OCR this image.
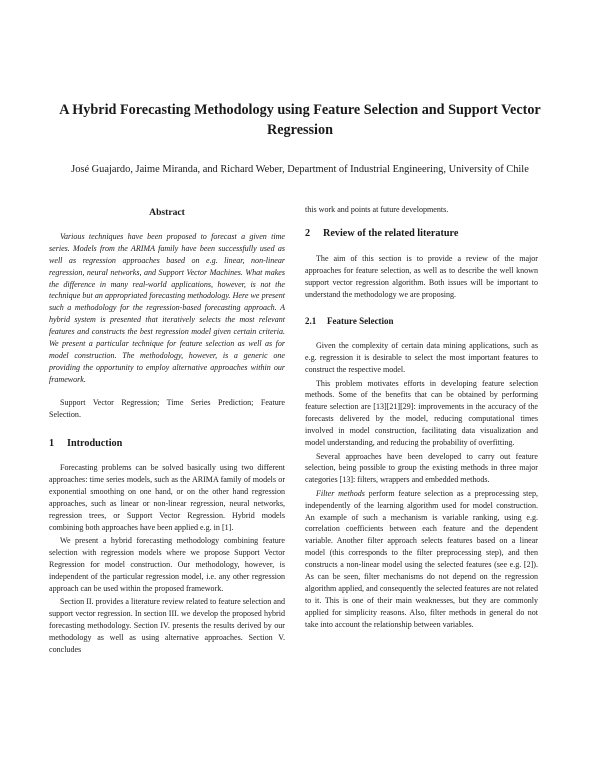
A Hybrid Forecasting Methodology using Feature Selection and Support Vector Regression

José Guajardo, Jaime Miranda, and Richard Weber, Department of Industrial Engineering, University of Chile

Abstract

Various techniques have been proposed to forecast a given time series. Models from the ARIMA family have been successfully used as well as regression approaches based on e.g. linear, non-linear regression, neural networks, and Support Vector Machines. What makes the difference in many real-world applications, however, is not the technique but an appropriated forecasting methodology. Here we present such a methodology for the regression-based forecasting approach. A hybrid system is presented that iteratively selects the most relevant features and constructs the best regression model given certain criteria. We present a particular technique for feature selection as well as for model construction. The methodology, however, is a generic one providing the opportunity to employ alternative approaches within our framework.

Support Vector Regression; Time Series Prediction; Feature Selection.

1	Introduction

Forecasting problems can be solved basically using two different approaches: time series models, such as the ARIMA family of models or exponential smoothing on one hand, or on the other hand regression approaches, such as linear or non-linear regression, neural networks, regression trees, or Support Vector Regression. Hybrid models combining both approaches have been applied e.g. in [1].

We present a hybrid forecasting methodology combining feature selection with regression models where we propose Support Vector Regression for model construction. Our methodology, however, is independent of the particular regression model, i.e. any other regression approach can be used within the proposed framework.

Section II. provides a literature review related to feature selection and support vector regression. In section III. we develop the proposed hybrid forecasting methodology. Section IV. presents the results derived by our methodology as well as using alternative approaches. Section V. concludes

this work and points at future developments.

2	Review of the related literature

The aim of this section is to provide a review of the major approaches for feature selection, as well as to describe the well known support vector regression algorithm. Both issues will be important to understand the methodology we are proposing.

2.1	Feature Selection

Given the complexity of certain data mining applications, such as e.g. regression it is desirable to select the most important features to construct the respective model.

This problem motivates efforts in developing feature selection methods. Some of the benefits that can be obtained by performing feature selection are [13][21][29]: improvements in the accuracy of the forecasts delivered by the model, reducing computational times involved in model construction, facilitating data visualization and model understanding, and reducing the probability of overfitting.

Several approaches have been developed to carry out feature selection, being possible to group the existing methods in three major categories [13]: filters, wrappers and embedded methods.

Filter methods perform feature selection as a preprocessing step, independently of the learning algorithm used for model construction. An example of such a mechanism is variable ranking, using e.g. correlation coefficients between each feature and the dependent variable. Another filter approach selects features based on a linear model (this corresponds to the filter preprocessing step), and then constructs a non-linear model using the selected features (see e.g. [2]). As can be seen, filter mechanisms do not depend on the regression algorithm applied, and consequently the selected features are not related to it. This is one of their main weaknesses, but they are commonly applied for simplicity reasons. Also, filter methods in general do not take into account the relationship between variables.
